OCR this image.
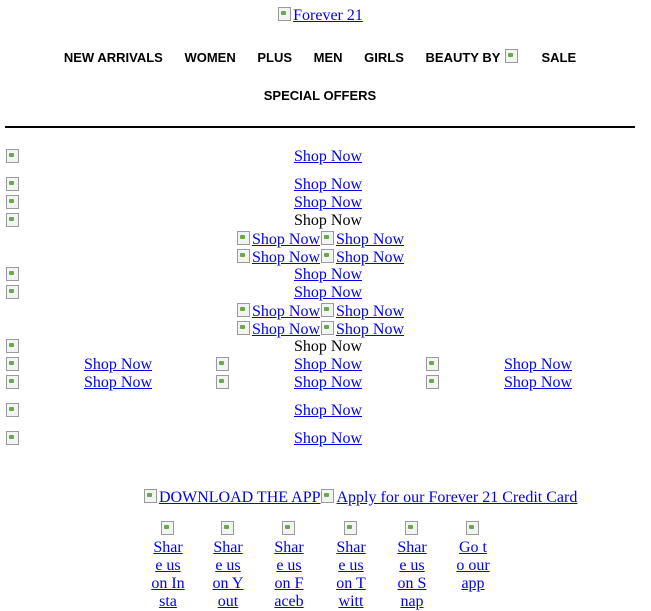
Forever 21
NEW ARRIVALS WOMEN PLUS MEN GIRLS BEAUTY BY	SALE
SPECIAL OFFERS
Shop Now
Shop Now
Shop Now
Shop Now
Shop Now Shop Now
Shop Now Shop Now
Shop Now
Shop Now
Shop Now Shop Now
Shop Now Shop Now
Shop Now
Shop Now	Shop Now	Shop Now
Shop Now	Shop Now	Shop Now
Shop Now
Shop Now
DOWNLOAD THE APP Apply for our Forever 21 Credit Card

Share us on Insta

Share us on Yout

Share us on Faceb

Share us on Twitt

Share us on Snap

Go to our app
